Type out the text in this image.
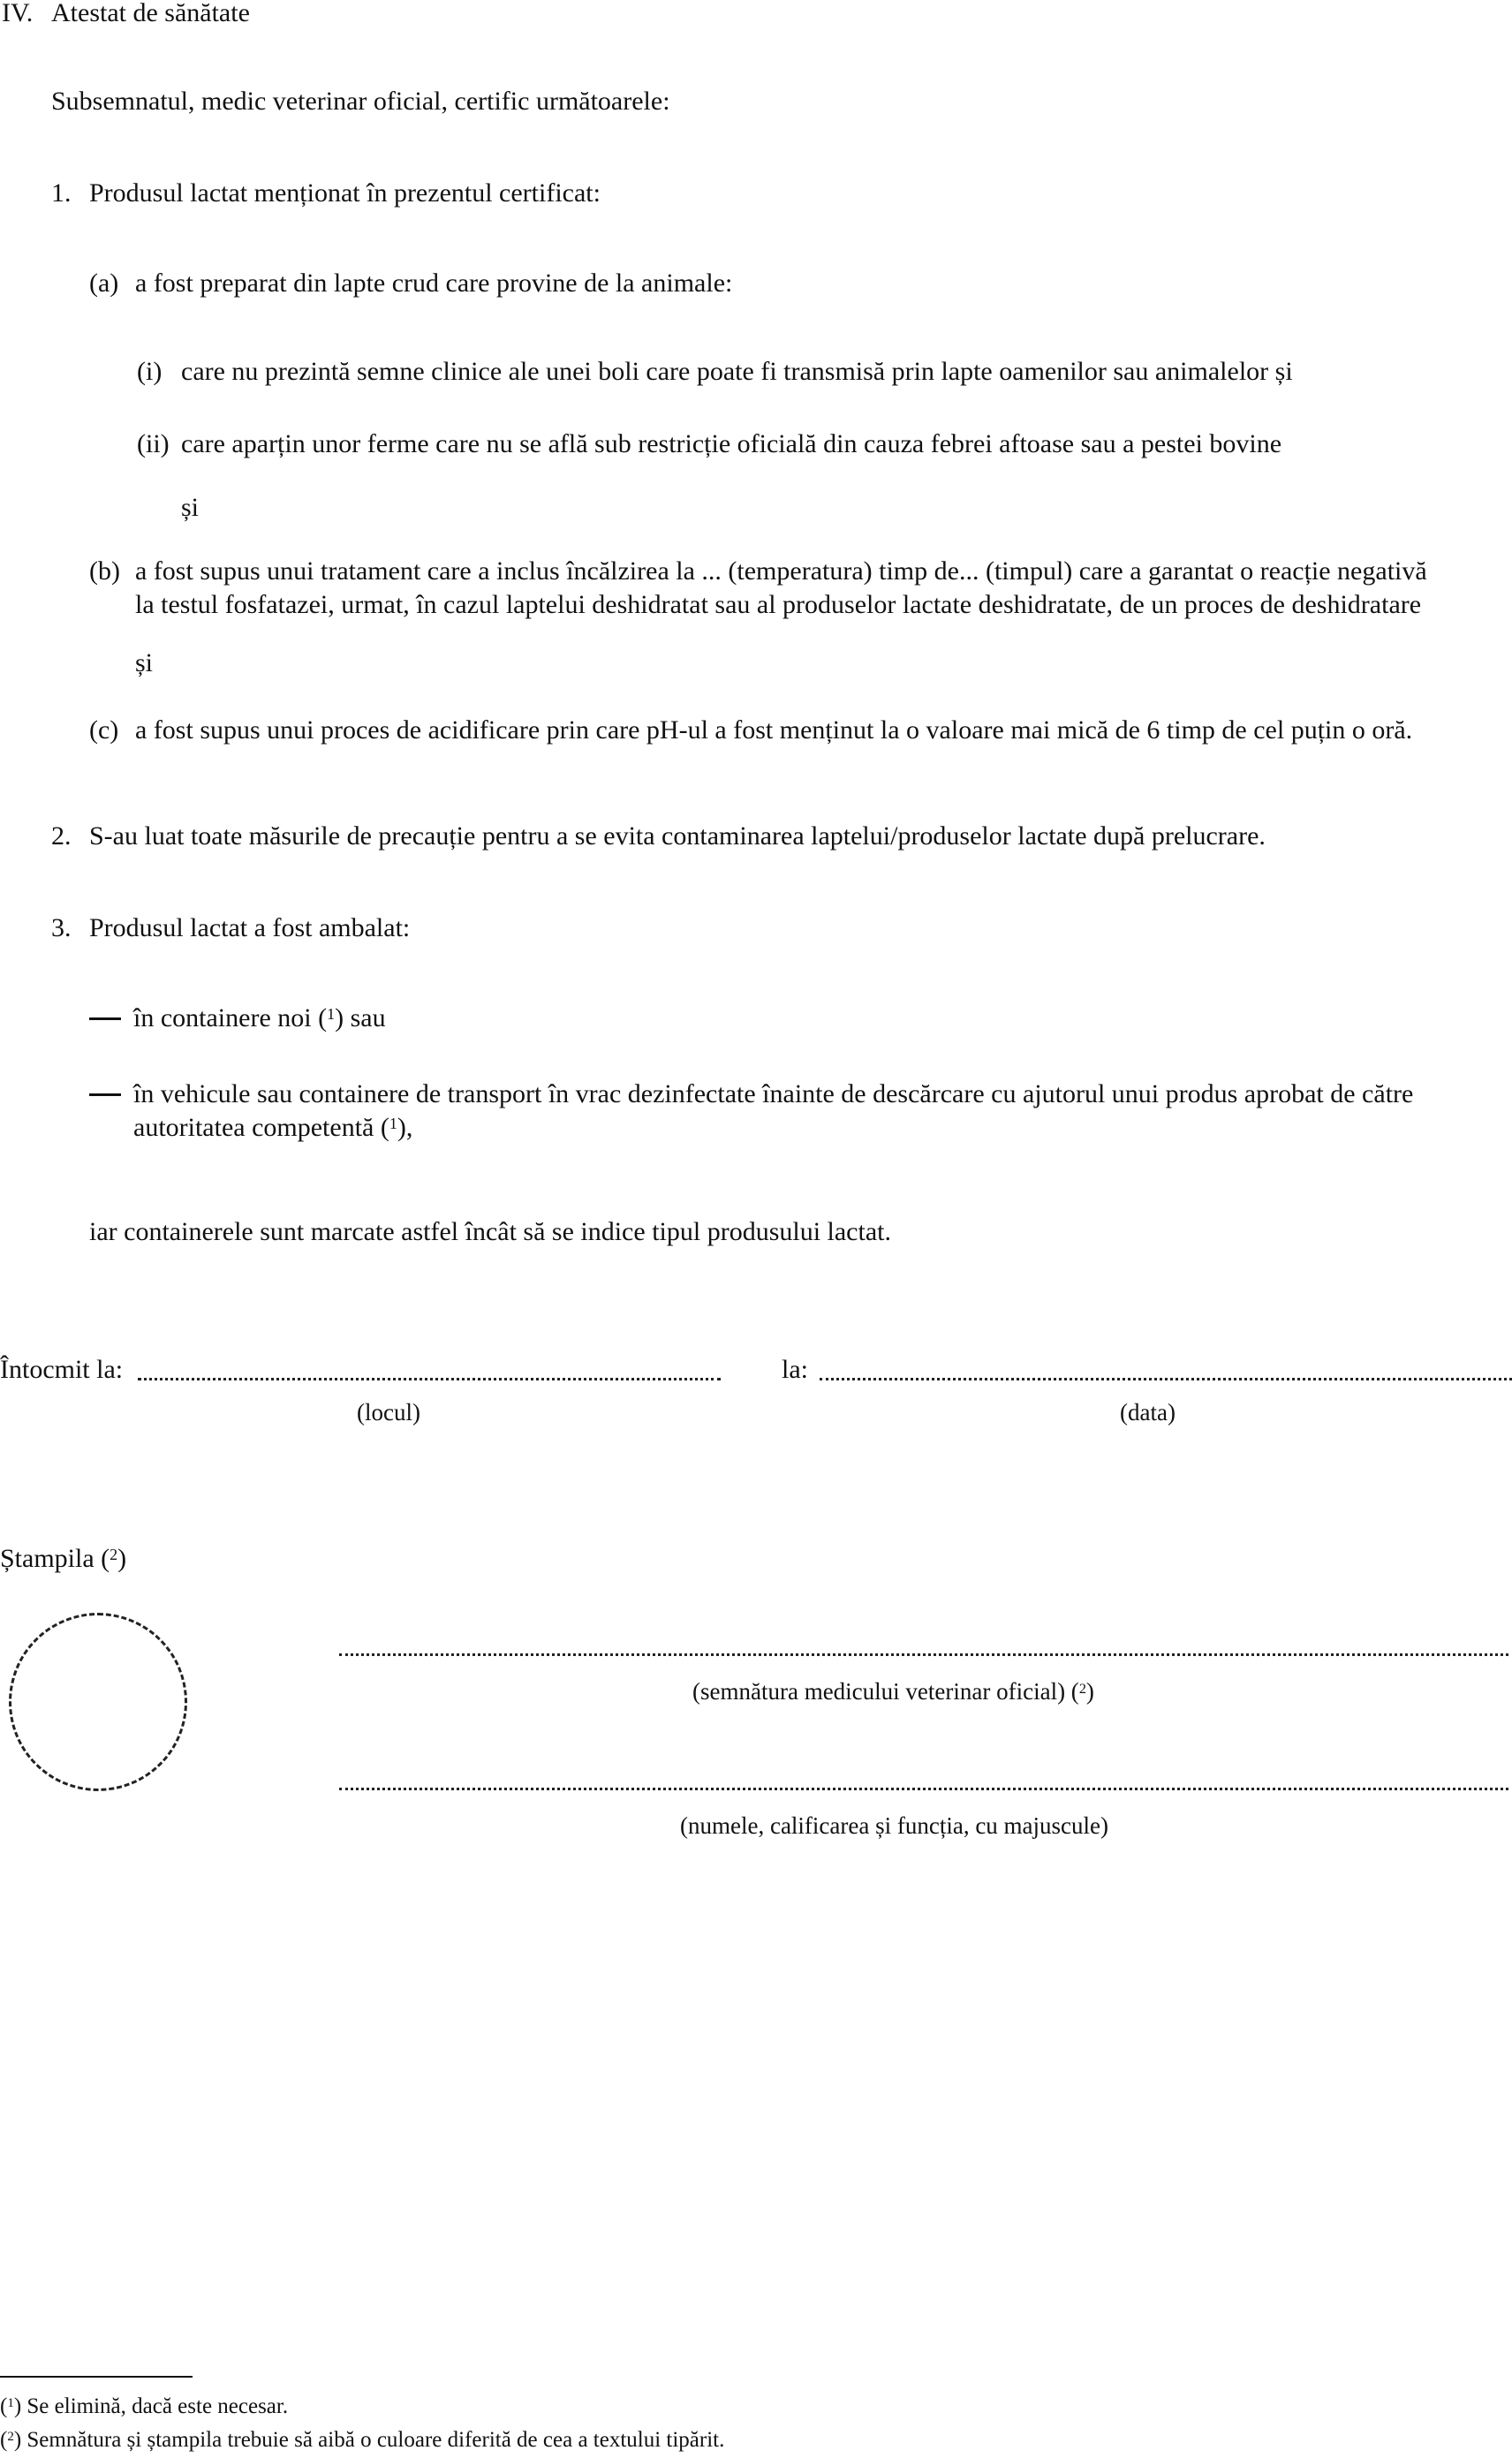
IV. Atestat de sănătate
Subsemnatul, medic veterinar oficial, certific următoarele:
1. Produsul lactat menționat în prezentul certificat:
(a) a fost preparat din lapte crud care provine de la animale:
(i) care nu prezintă semne clinice ale unei boli care poate fi transmisă prin lapte oamenilor sau animalelor și
(ii) care aparțin unor ferme care nu se află sub restricție oficială din cauza febrei aftoase sau a pestei bovine
și
(b) a fost supus unui tratament care a inclus încălzirea la ... (temperatura) timp de... (timpul) care a garantat o reacție negativă
la testul fosfatazei, urmat, în cazul laptelui deshidratat sau al produselor lactate deshidratate, de un proces de deshidratare
și
(c) a fost supus unui proces de acidificare prin care pH-ul a fost menținut la o valoare mai mică de 6 timp de cel puțin o oră.
2. S-au luat toate măsurile de precauție pentru a se evita contaminarea laptelui/produselor lactate după prelucrare.
3. Produsul lactat a fost ambalat:
în containere noi ($^1$) sau
în vehicule sau containere de transport în vrac dezinfectate înainte de descărcare cu ajutorul unui produs aprobat de către
autoritatea competentă ($^1$),
iar containerele sunt marcate astfel încât să se indice tipul produsului lactat.
Întocmit la:
(locul)
la:
(data)
Ștampila ($^2$)
(semnătura medicului veterinar oficial) ($^2$)
(numele, calificarea și funcția, cu majuscule)
($^1$) Se elimină, dacă este necesar.
($^2$) Semnătura și ștampila trebuie să aibă o culoare diferită de cea a textului tipărit.
